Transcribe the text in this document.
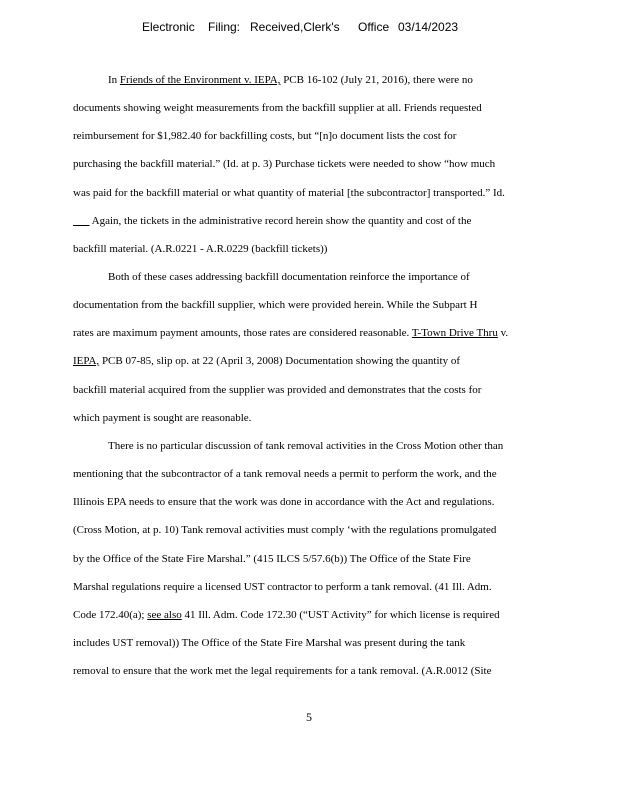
Electronic Filing: Received,Clerk's Office 03/14/2023
In Friends of the Environment v. IEPA, PCB 16-102 (July 21, 2016), there were no
documents showing weight measurements from the backfill supplier at all. Friends requested
reimbursement for $1,982.40 for backfilling costs, but “[n]o document lists the cost for
purchasing the backfill material.” (Id. at p. 3) Purchase tickets were needed to show “how much
was paid for the backfill material or what quantity of material [the subcontractor] transported.” Id.
___ Again, the tickets in the administrative record herein show the quantity and cost of the
backfill material. (A.R.0221 - A.R.0229 (backfill tickets))
Both of these cases addressing backfill documentation reinforce the importance of
documentation from the backfill supplier, which were provided herein. While the Subpart H
rates are maximum payment amounts, those rates are considered reasonable. T-Town Drive Thru v.
IEPA, PCB 07-85, slip op. at 22 (April 3, 2008) Documentation showing the quantity of
backfill material acquired from the supplier was provided and demonstrates that the costs for
which payment is sought are reasonable.
There is no particular discussion of tank removal activities in the Cross Motion other than
mentioning that the subcontractor of a tank removal needs a permit to perform the work, and the
Illinois EPA needs to ensure that the work was done in accordance with the Act and regulations.
(Cross Motion, at p. 10) Tank removal activities must comply ‘with the regulations promulgated
by the Office of the State Fire Marshal.” (415 ILCS 5/57.6(b)) The Office of the State Fire
Marshal regulations require a licensed UST contractor to perform a tank removal. (41 Ill. Adm.
Code 172.40(a); see also 41 Ill. Adm. Code 172.30 (“UST Activity” for which license is required
includes UST removal)) The Office of the State Fire Marshal was present during the tank
removal to ensure that the work met the legal requirements for a tank removal. (A.R.0012 (Site
5
